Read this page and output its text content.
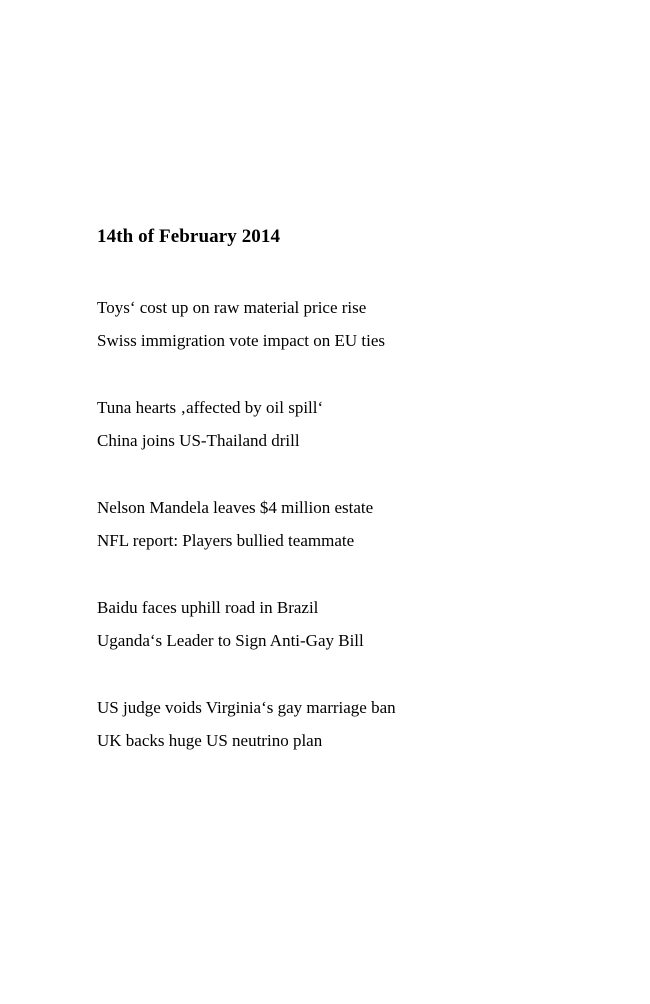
14th of February 2014

Toys‘ cost up on raw material price rise

Swiss immigration vote impact on EU ties

Tuna hearts ‚affected by oil spill‘

China joins US-Thailand drill

Nelson Mandela leaves $4 million estate

NFL report: Players bullied teammate

Baidu faces uphill road in Brazil

Uganda‘s Leader to Sign Anti-Gay Bill

US judge voids Virginia‘s gay marriage ban

UK backs huge US neutrino plan
